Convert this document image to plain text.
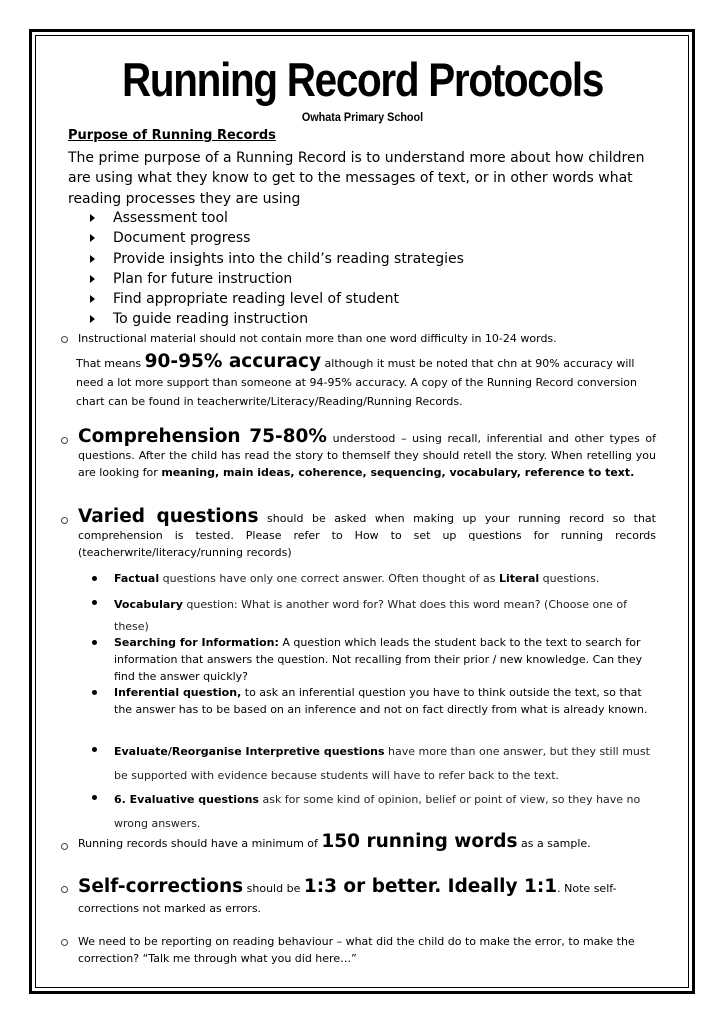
Running Record Protocols
Owhata Primary School
Purpose of Running Records
The prime purpose of a Running Record is to understand more about how children are using what they know to get to the messages of text, or in other words what reading processes they are using
Assessment tool
Document progress
Provide insights into the child’s reading strategies
Plan for future instruction
Find appropriate reading level of student
To guide reading instruction
Instructional material should not contain more than one word difficulty in 10-24 words.
That means 90-95% accuracy although it must be noted that chn at 90% accuracy will need a lot more support than someone at 94-95% accuracy. A copy of the Running Record conversion chart can be found in teacherwrite/Literacy/Reading/Running Records.
Comprehension 75-80% understood – using recall, inferential and other types of questions. After the child has read the story to themself they should retell the story. When retelling you are looking for meaning, main ideas, coherence, sequencing, vocabulary, reference to text.
Varied questions should be asked when making up your running record so that comprehension is tested. Please refer to How to set up questions for running records (teacherwrite/literacy/running records)
Factual questions have only one correct answer. Often thought of as Literal questions.
Vocabulary question: What is another word for? What does this word mean? (Choose one of these)
Searching for Information: A question which leads the student back to the text to search for information that answers the question. Not recalling from their prior / new knowledge. Can they find the answer quickly?
Inferential question, to ask an inferential question you have to think outside the text, so that the answer has to be based on an inference and not on fact directly from what is already known.
Evaluate/Reorganise Interpretive questions have more than one answer, but they still must be supported with evidence because students will have to refer back to the text.
6. Evaluative questions ask for some kind of opinion, belief or point of view, so they have no wrong answers.
Running records should have a minimum of 150 running words as a sample.
Self-corrections should be 1:3 or better. Ideally 1:1. Note self-corrections not marked as errors.
We need to be reporting on reading behaviour – what did the child do to make the error, to make the correction? “Talk me through what you did here…”
